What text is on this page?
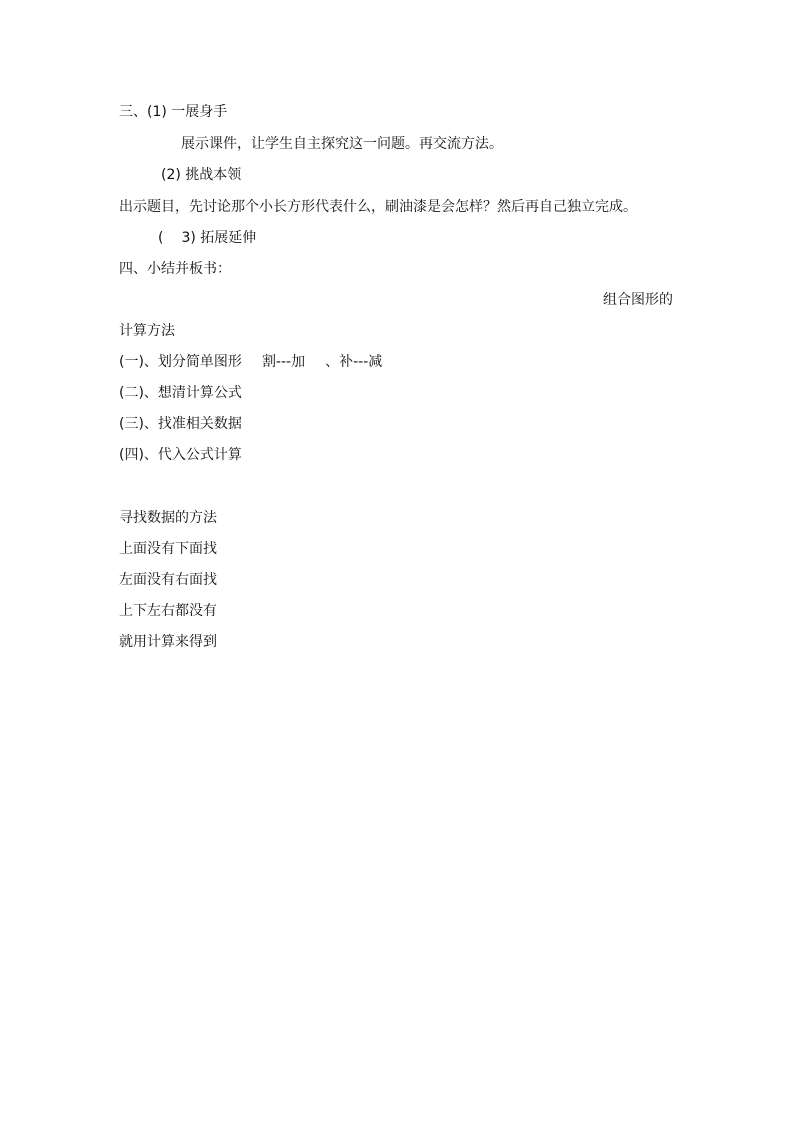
三、(1) 一展身手
展示课件，让学生自主探究这一问题。再交流方法。
(2) 挑战本领
出示题目，先讨论那个小长方形代表什么，刷油漆是会怎样？然后再自己独立完成。
( 3) 拓展延伸
四、小结并板书：
组合图形的
计算方法
(一)、划分简单图形 割---加 、补---减
(二)、想清计算公式
(三)、找准相关数据
(四)、代入公式计算
寻找数据的方法
上面没有下面找
左面没有右面找
上下左右都没有
就用计算来得到
